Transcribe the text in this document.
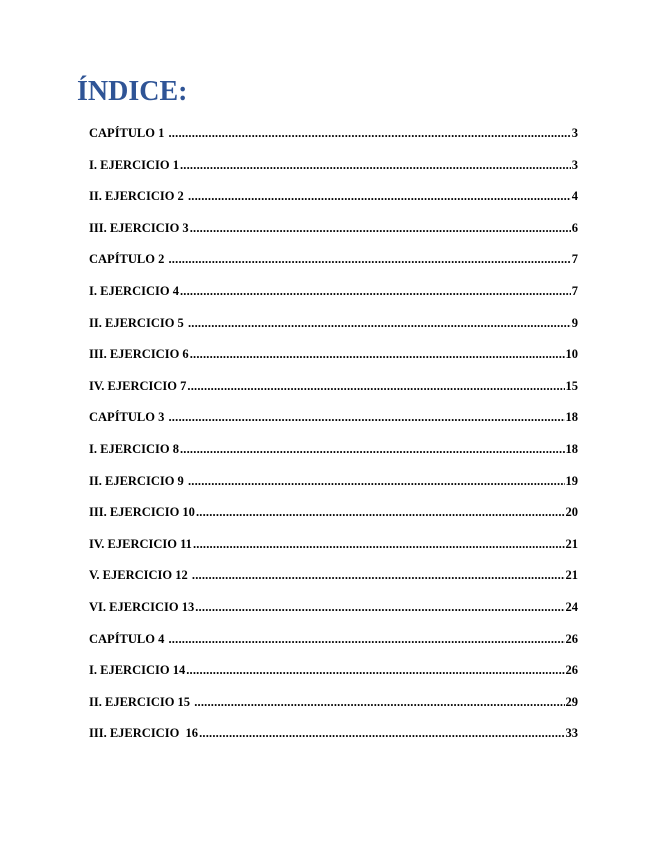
ÍNDICE:
CAPÍTULO 1 .....	3
I. EJERCICIO 1 .....	3
II. EJERCICIO 2 .....	4
III. EJERCICIO 3 .....	6
CAPÍTULO 2 .....	7
I. EJERCICIO 4 .....	7
II. EJERCICIO 5 .....	9
III. EJERCICIO 6 .....	10
IV. EJERCICIO 7 .....	15
CAPÍTULO 3 .....	18
I. EJERCICIO 8 .....	18
II. EJERCICIO 9 .....	19
III. EJERCICIO 10 .....	20
IV. EJERCICIO 11 .....	21
V. EJERCICIO 12 .....	21
VI. EJERCICIO 13 .....	24
CAPÍTULO 4 .....	26
I. EJERCICIO 14 .....	26
II. EJERCICIO 15 .....	29
III. EJERCICIO  16 .....	33
